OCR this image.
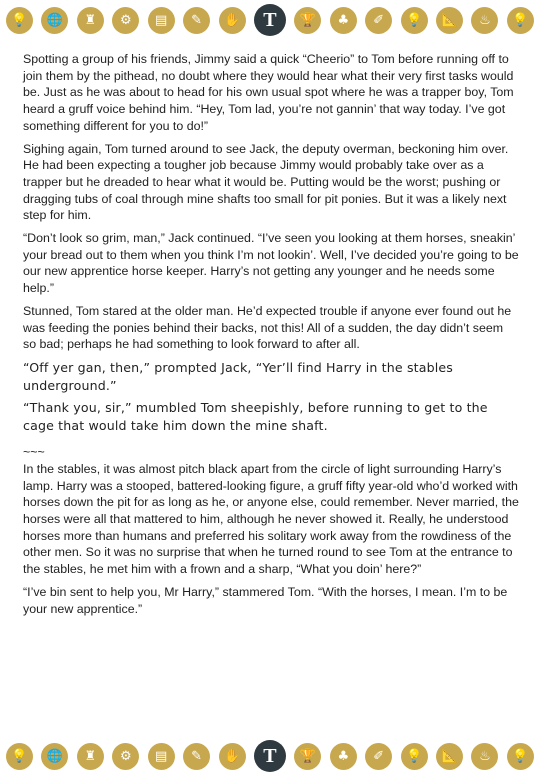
💡	🌐	♜	⚙	▤	✎	✋	T	🏆	♣	✐	💡	📐	♨	💡

Spotting a group of his friends, Jimmy said a quick “Cheerio” to Tom before running off to join them by the pithead, no doubt where they would hear what their very first tasks would be. Just as he was about to head for his own usual spot where he was a trapper boy, Tom heard a gruff voice behind him. “Hey, Tom lad, you’re not gannin’ that way today. I’ve got something different for you to do!”

Sighing again, Tom turned around to see Jack, the deputy overman, beckoning him over. He had been expecting a tougher job because Jimmy would probably take over as a trapper but he dreaded to hear what it would be. Putting would be the worst; pushing or dragging tubs of coal through mine shafts too small for pit ponies. But it was a likely next step for him.

“Don’t look so grim, man,” Jack continued. “I’ve seen you looking at them horses, sneakin’ your bread out to them when you think I’m not lookin’. Well, I’ve decided you’re going to be our new apprentice horse keeper. Harry’s not getting any younger and he needs some help.”

Stunned, Tom stared at the older man. He’d expected trouble if anyone ever found out he was feeding the ponies behind their backs, not this! All of a sudden, the day didn’t seem so bad; perhaps he had something to look forward to after all.

“Off yer gan, then,” prompted Jack, “Yer’ll find Harry in the stables underground.”

“Thank you, sir,” mumbled Tom sheepishly, before running to get to the cage that would take him down the mine shaft.

~~~

In the stables, it was almost pitch black apart from the circle of light surrounding Harry’s lamp. Harry was a stooped, battered-looking figure, a gruff fifty year-old who’d worked with horses down the pit for as long as he, or anyone else, could remember. Never married, the horses were all that mattered to him, although he never showed it. Really, he understood horses more than humans and preferred his solitary work away from the rowdiness of the other men. So it was no surprise that when he turned round to see Tom at the entrance to the stables, he met him with a frown and a sharp, “What you doin’ here?”

“I’ve bin sent to help you, Mr Harry,” stammered Tom. “With the horses, I mean. I’m to be your new apprentice.”

💡	🌐	♜	⚙	▤	✎	✋	T	🏆	♣	✐	💡	📐	♨	💡
